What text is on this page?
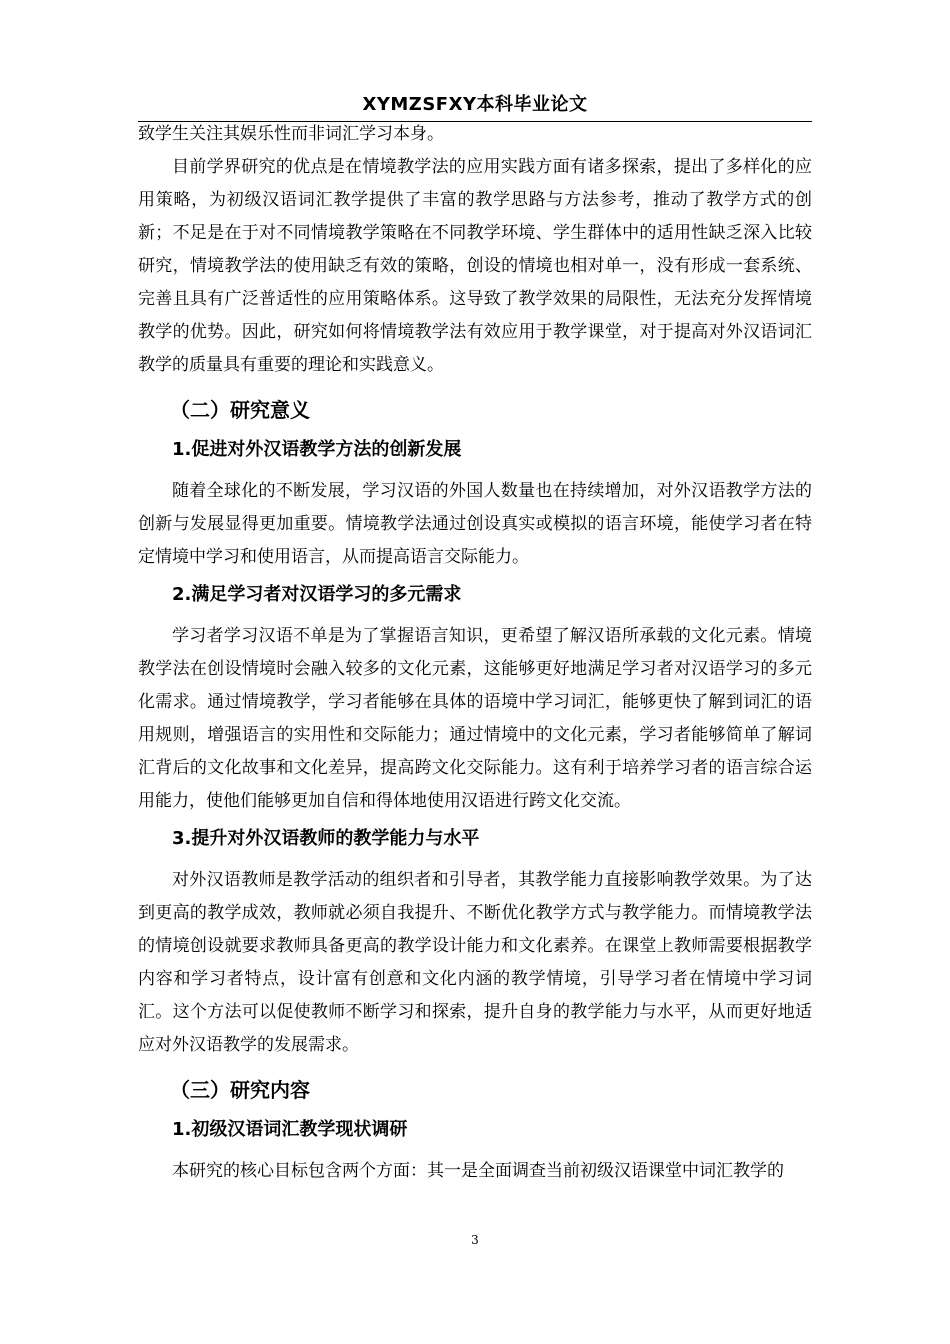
XYMZSFXY本科毕业论文

致学生关注其娱乐性而非词汇学习本身。

目前学界研究的优点是在情境教学法的应用实践方面有诸多探索，提出了多样化的应用策略，为初级汉语词汇教学提供了丰富的教学思路与方法参考，推动了教学方式的创新；不足是在于对不同情境教学策略在不同教学环境、学生群体中的适用性缺乏深入比较研究，情境教学法的使用缺乏有效的策略，创设的情境也相对单一，没有形成一套系统、完善且具有广泛普适性的应用策略体系。这导致了教学效果的局限性，无法充分发挥情境教学的优势。因此，研究如何将情境教学法有效应用于教学课堂，对于提高对外汉语词汇教学的质量具有重要的理论和实践意义。

（二）研究意义
1.促进对外汉语教学方法的创新发展

随着全球化的不断发展，学习汉语的外国人数量也在持续增加，对外汉语教学方法的创新与发展显得更加重要。情境教学法通过创设真实或模拟的语言环境，能使学习者在特定情境中学习和使用语言，从而提高语言交际能力。

2.满足学习者对汉语学习的多元需求

学习者学习汉语不单是为了掌握语言知识，更希望了解汉语所承载的文化元素。情境教学法在创设情境时会融入较多的文化元素，这能够更好地满足学习者对汉语学习的多元化需求。通过情境教学，学习者能够在具体的语境中学习词汇，能够更快了解到词汇的语用规则，增强语言的实用性和交际能力；通过情境中的文化元素，学习者能够简单了解词汇背后的文化故事和文化差异，提高跨文化交际能力。这有利于培养学习者的语言综合运用能力，使他们能够更加自信和得体地使用汉语进行跨文化交流。

3.提升对外汉语教师的教学能力与水平

对外汉语教师是教学活动的组织者和引导者，其教学能力直接影响教学效果。为了达到更高的教学成效，教师就必须自我提升、不断优化教学方式与教学能力。而情境教学法的情境创设就要求教师具备更高的教学设计能力和文化素养。在课堂上教师需要根据教学内容和学习者特点，设计富有创意和文化内涵的教学情境，引导学习者在情境中学习词汇。这个方法可以促使教师不断学习和探索，提升自身的教学能力与水平，从而更好地适应对外汉语教学的发展需求。

（三）研究内容
1.初级汉语词汇教学现状调研

本研究的核心目标包含两个方面：其一是全面调查当前初级汉语课堂中词汇教学的

3
